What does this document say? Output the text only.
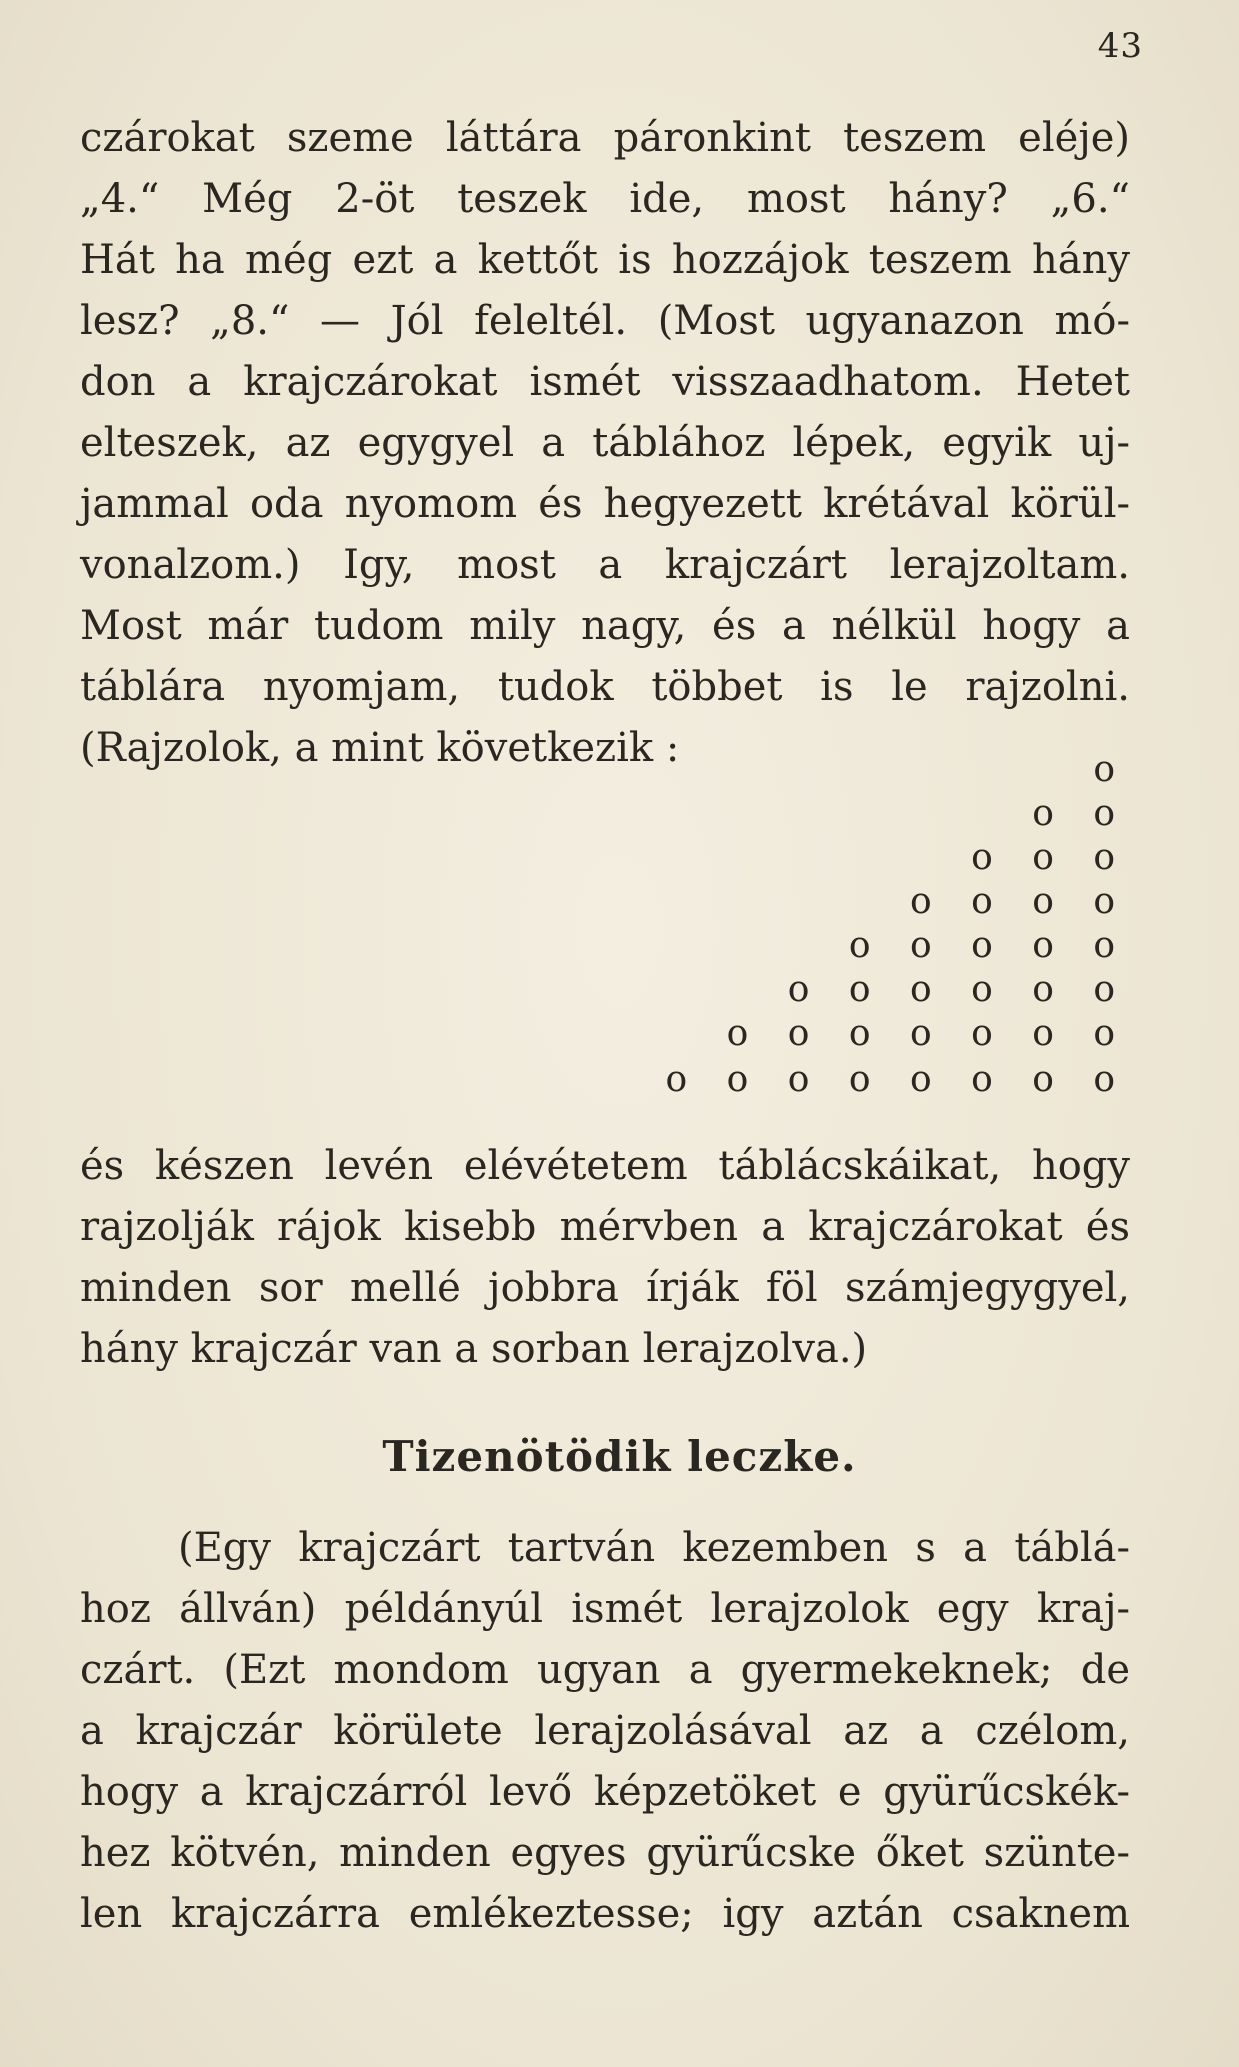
43
czárokat szeme láttára páronkint teszem eléje)
„4.“ Még 2-öt teszek ide, most hány? „6.“
Hát ha még ezt a kettőt is hozzájok teszem hány
lesz? „8.“ — Jól feleltél. (Most ugyanazon mó-
don a krajczárokat ismét visszaadhatom. Hetet
elteszek, az egygyel a táblához lépek, egyik uj-
jammal oda nyomom és hegyezett krétával körül-
vonalzom.) Igy, most a krajczárt lerajzoltam.
Most már tudom mily nagy, és a nélkül hogy a
táblára nyomjam, tudok többet is le rajzolni.
(Rajzolok, a mint következik :	o
o o
o o o
o o o o
o o o o o
o o o o o o
o o o o o o o
o o o o o o o o
és készen levén elévétetem táblácskáikat, hogy
rajzolják rájok kisebb mérvben a krajczárokat és
minden sor mellé jobbra írják föl számjegygyel,
hány krajczár van a sorban lerajzolva.)
Tizenötödik leczke.
(Egy krajczárt tartván kezemben s a táblá-
hoz állván) példányúl ismét lerajzolok egy kraj-
czárt. (Ezt mondom ugyan a gyermekeknek; de
a krajczár körülete lerajzolásával az a czélom,
hogy a krajczárról levő képzetöket e gyürűcskék-
hez kötvén, minden egyes gyürűcske őket szünte-
len krajczárra emlékeztesse; igy aztán csaknem
